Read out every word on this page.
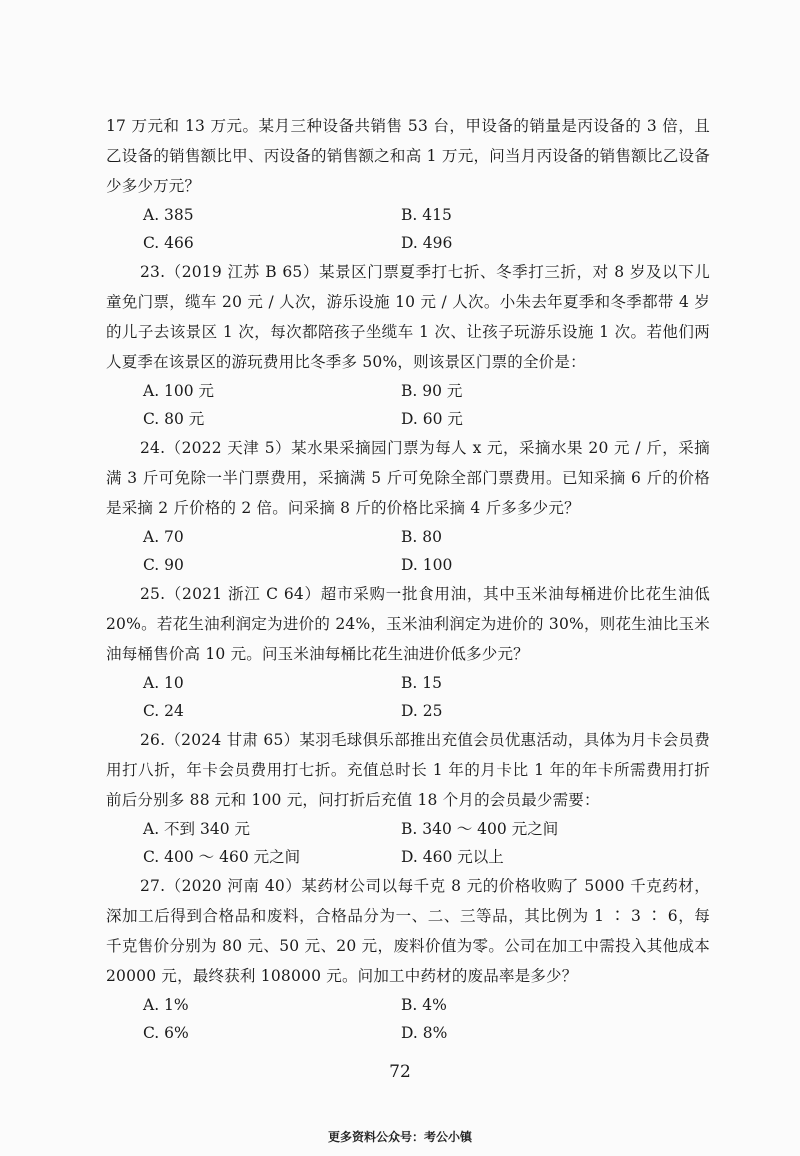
17 万元和 13 万元。某月三种设备共销售 53 台，甲设备的销量是丙设备的 3 倍，且乙设备的销售额比甲、丙设备的销售额之和高 1 万元，问当月丙设备的销售额比乙设备少多少万元？

A. 385	B. 415
C. 466	D. 496

23.（2019 江苏 B 65）某景区门票夏季打七折、冬季打三折，对 8 岁及以下儿童免门票，缆车 20 元 / 人次，游乐设施 10 元 / 人次。小朱去年夏季和冬季都带 4 岁的儿子去该景区 1 次，每次都陪孩子坐缆车 1 次、让孩子玩游乐设施 1 次。若他们两人夏季在该景区的游玩费用比冬季多 50%，则该景区门票的全价是：

A. 100 元	B. 90 元
C. 80 元	D. 60 元

24.（2022 天津 5）某水果采摘园门票为每人 x 元，采摘水果 20 元 / 斤，采摘满 3 斤可免除一半门票费用，采摘满 5 斤可免除全部门票费用。已知采摘 6 斤的价格是采摘 2 斤价格的 2 倍。问采摘 8 斤的价格比采摘 4 斤多多少元？

A. 70	B. 80
C. 90	D. 100

25.（2021 浙江 C 64）超市采购一批食用油，其中玉米油每桶进价比花生油低 20%。若花生油利润定为进价的 24%，玉米油利润定为进价的 30%，则花生油比玉米油每桶售价高 10 元。问玉米油每桶比花生油进价低多少元？

A. 10	B. 15
C. 24	D. 25

26.（2024 甘肃 65）某羽毛球俱乐部推出充值会员优惠活动，具体为月卡会员费用打八折，年卡会员费用打七折。充值总时长 1 年的月卡比 1 年的年卡所需费用打折前后分别多 88 元和 100 元，问打折后充值 18 个月的会员最少需要：

A. 不到 340 元	B. 340 ～ 400 元之间
C. 400 ～ 460 元之间	D. 460 元以上

27.（2020 河南 40）某药材公司以每千克 8 元的价格收购了 5000 千克药材，深加工后得到合格品和废料，合格品分为一、二、三等品，其比例为 1 ∶ 3 ∶ 6，每千克售价分别为 80 元、50 元、20 元，废料价值为零。公司在加工中需投入其他成本 20000 元，最终获利 108000 元。问加工中药材的废品率是多少？

A. 1%	B. 4%
C. 6%	D. 8%
72
更多资料公众号：考公小镇
